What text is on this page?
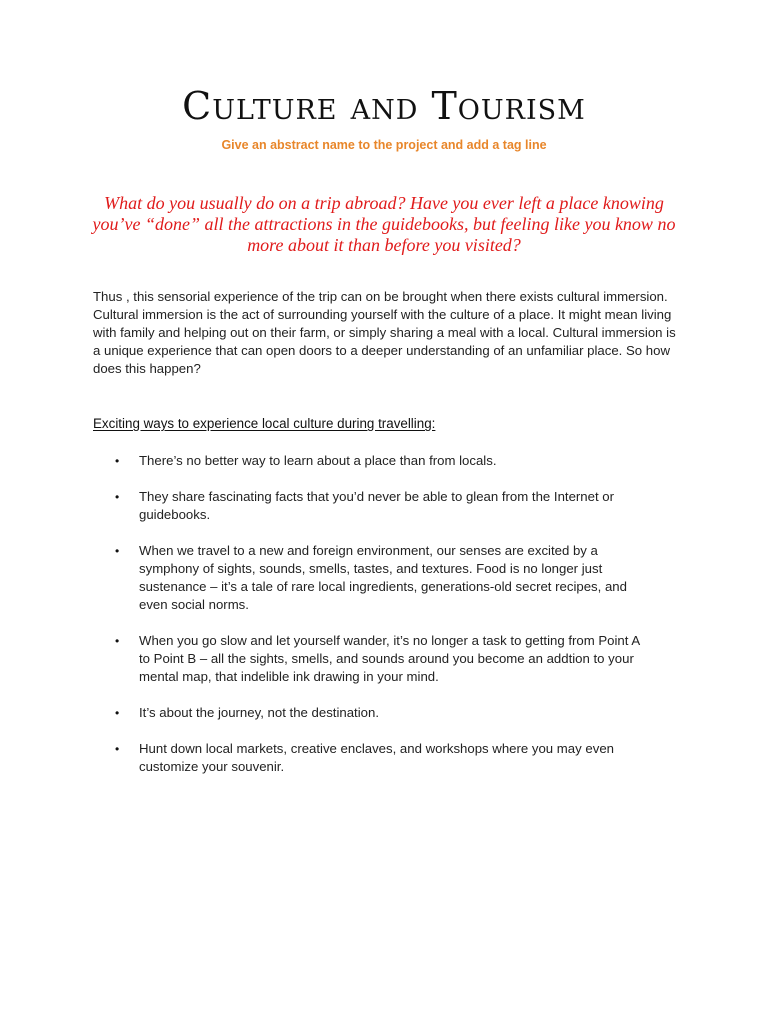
Culture and Tourism
Give an abstract name to the project and add a tag line
What do you usually do on a trip abroad? Have you ever left a place knowing you’ve “done” all the attractions in the guidebooks, but feeling like you know no more about it than before you visited?

Thus , this sensorial experience of the trip can on be brought when there exists cultural immersion. Cultural immersion is the act of surrounding yourself with the culture of a place. It might mean living with family and helping out on their farm, or simply sharing a meal with a local. Cultural immersion is a unique experience that can open doors to a deeper understanding of an unfamiliar place. So how does this happen?

Exciting ways to experience local culture during travelling:
• There’s no better way to learn about a place than from locals.
• They share fascinating facts that you’d never be able to glean from the Internet or guidebooks.
• When we travel to a new and foreign environment, our senses are excited by a symphony of sights, sounds, smells, tastes, and textures. Food is no longer just sustenance – it’s a tale of rare local ingredients, generations-old secret recipes, and even social norms.
• When you go slow and let yourself wander, it’s no longer a task to getting from Point A to Point B – all the sights, smells, and sounds around you become an addtion to your mental map, that indelible ink drawing in your mind.
• It’s about the journey, not the destination.
• Hunt down local markets, creative enclaves, and workshops where you may even customize your souvenir.
